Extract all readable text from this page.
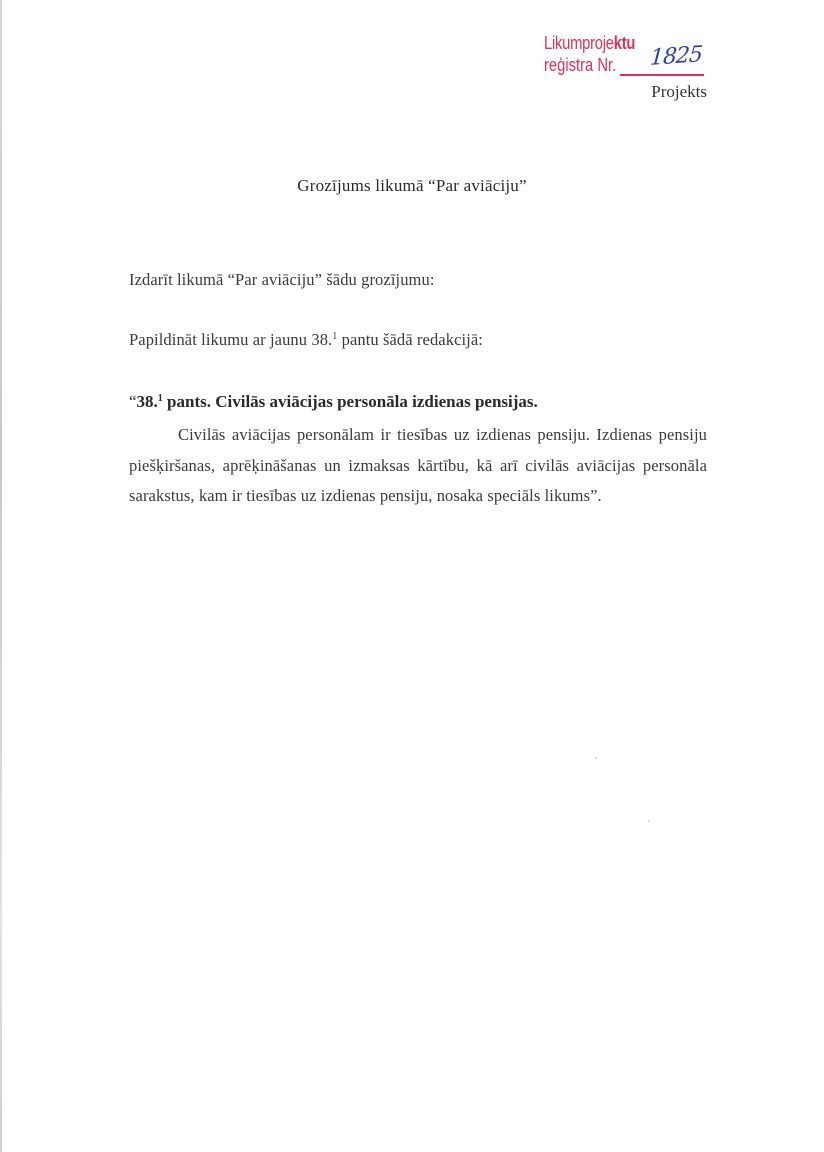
Likumprojektu
reģistra Nr. 1825
Projekts
Grozījums likumā “Par aviāciju”
Izdarīt likumā “Par aviāciju” šādu grozījumu:
Papildināt likumu ar jaunu 38.$^1$ pantu šādā redakcijā:
“38.$^1$ pants. Civilās aviācijas personāla izdienas pensijas.
Civilās aviācijas personālam ir tiesības uz izdienas pensiju. Izdienas pensiju piešķiršanas, aprēķināšanas un izmaksas kārtību, kā arī civilās aviācijas personāla sarakstus, kam ir tiesības uz izdienas pensiju, nosaka speciāls likums”.
